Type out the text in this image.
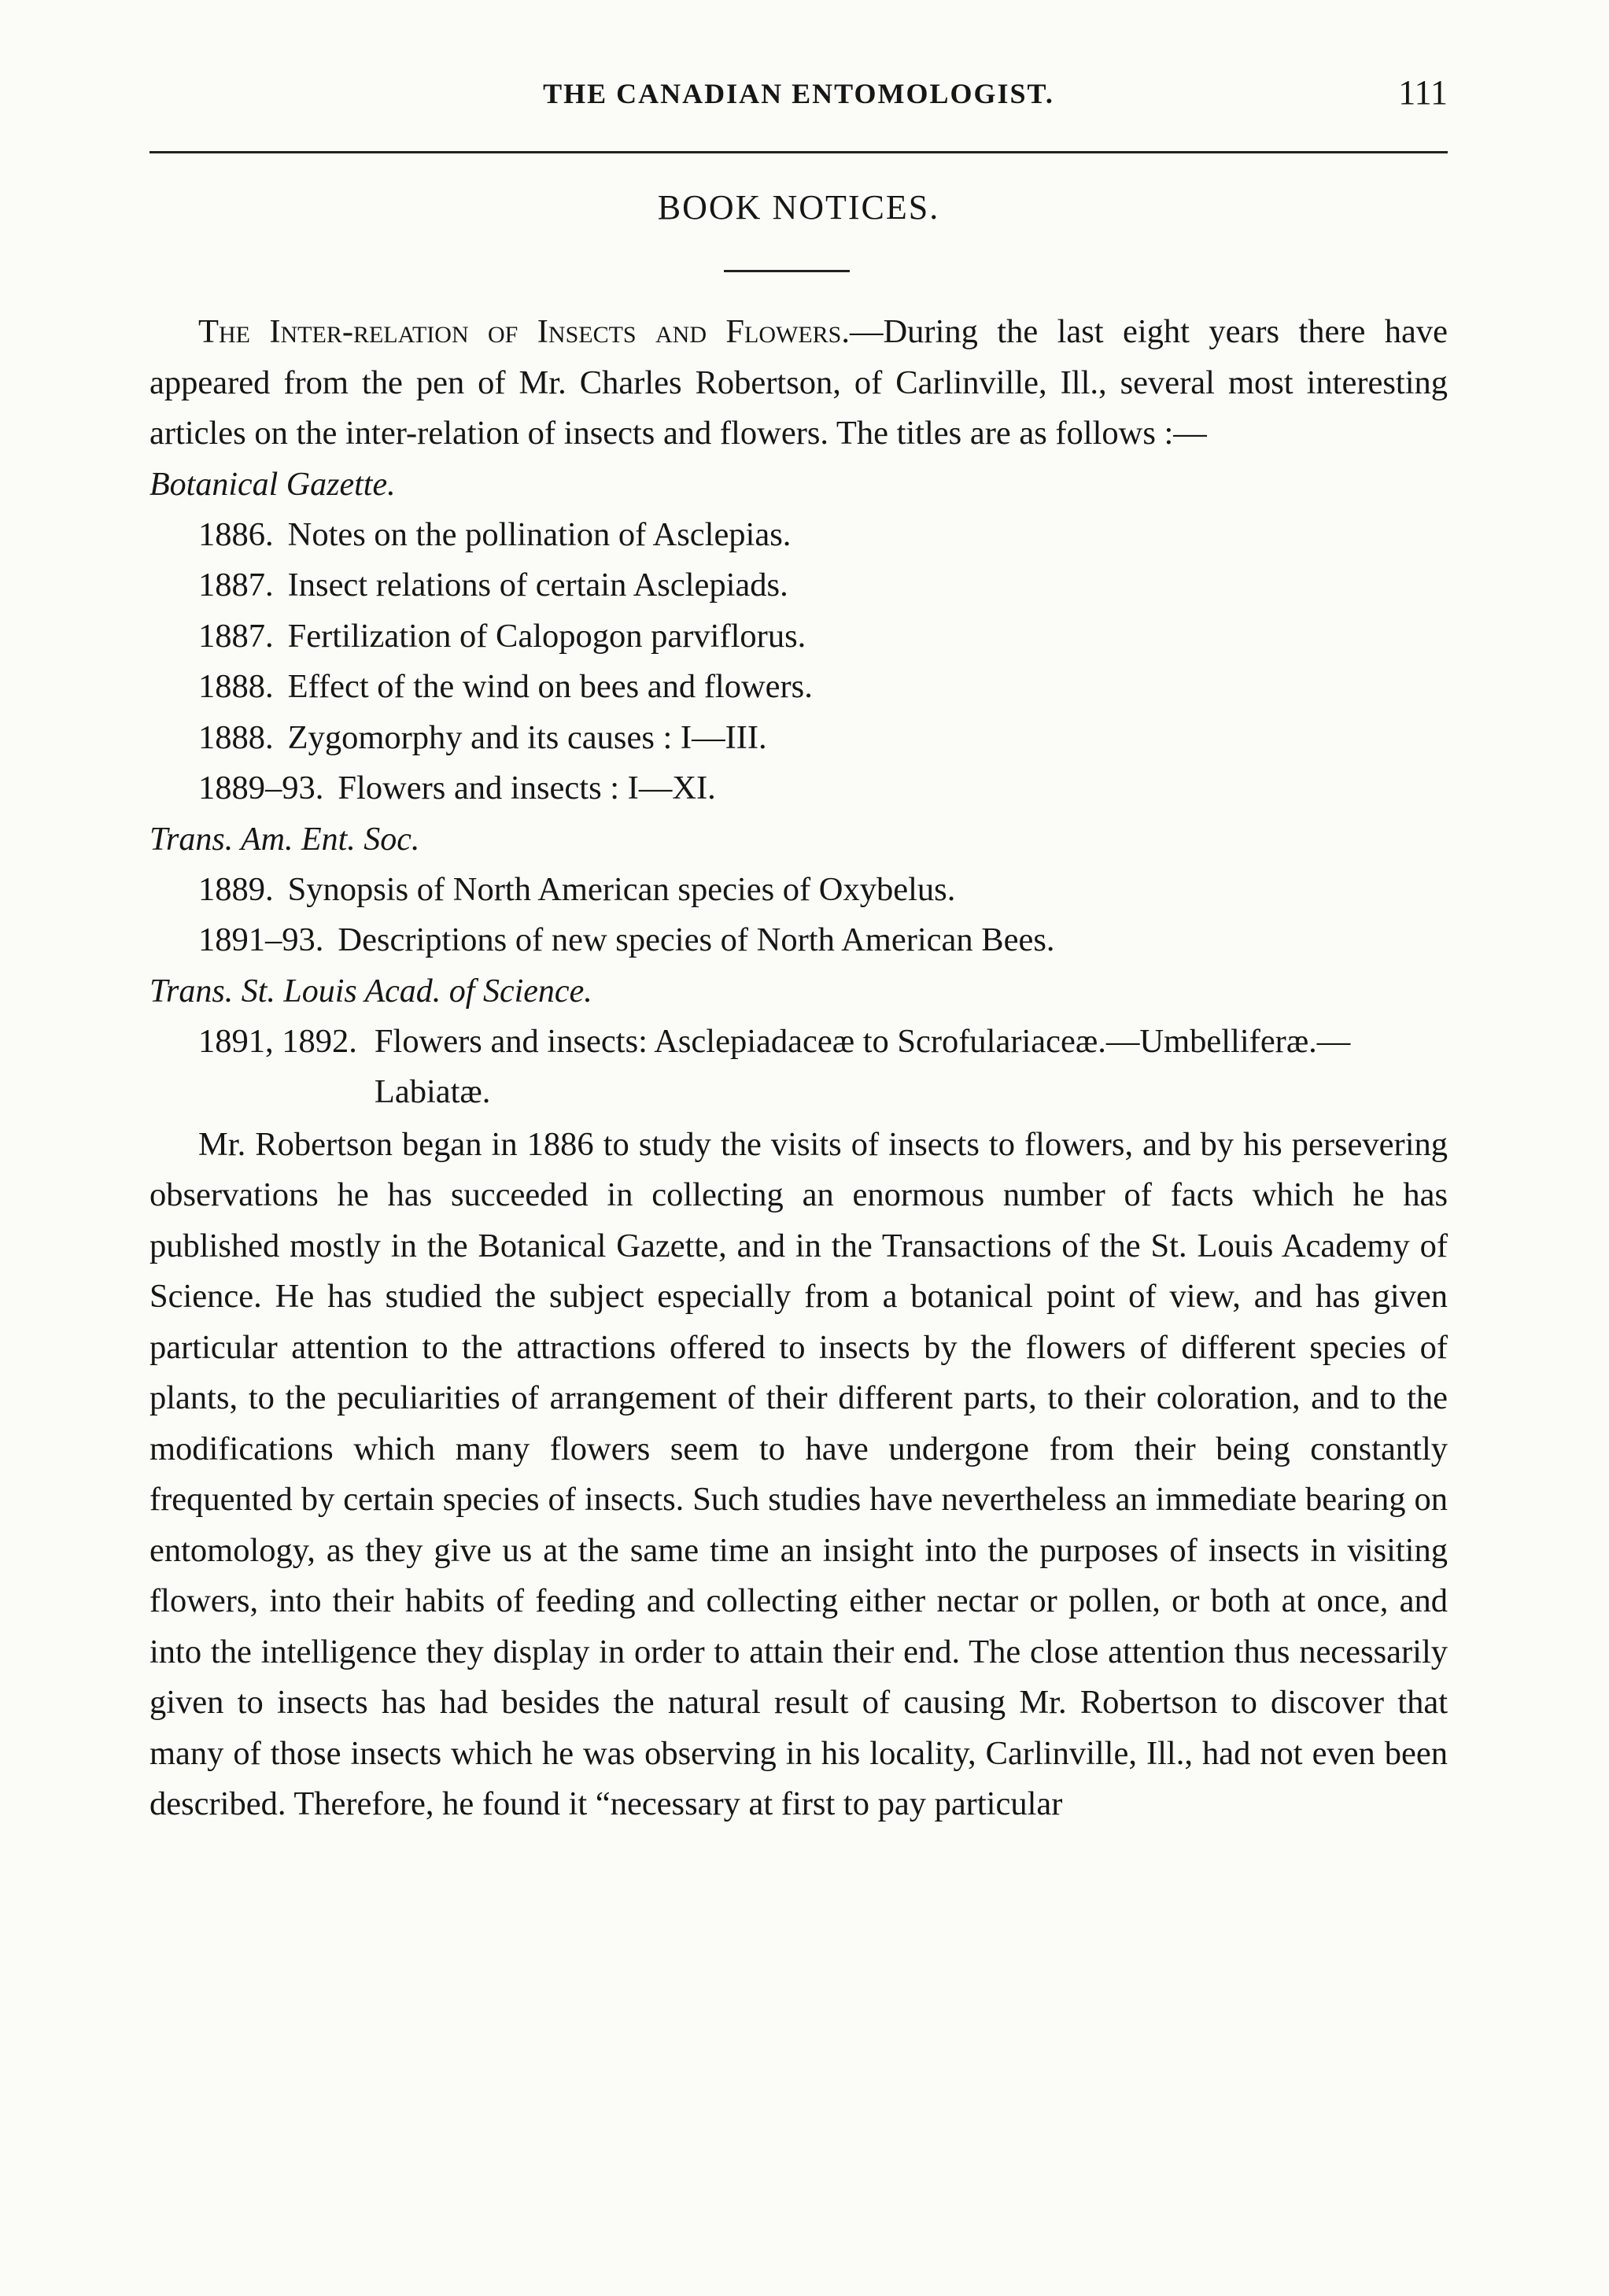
THE CANADIAN ENTOMOLOGIST.	111
BOOK NOTICES.

The Inter-relation of Insects and Flowers.—During the last eight years there have appeared from the pen of Mr. Charles Robertson, of Carlinville, Ill., several most interesting articles on the inter-relation of insects and flowers. The titles are as follows :—

Botanical Gazette.

1886. Notes on the pollination of Asclepias.

1887. Insect relations of certain Asclepiads.

1887. Fertilization of Calopogon parviflorus.

1888. Effect of the wind on bees and flowers.

1888. Zygomorphy and its causes : I—III.

1889–93. Flowers and insects : I—XI.

Trans. Am. Ent. Soc.

1889. Synopsis of North American species of Oxybelus.

1891–93. Descriptions of new species of North American Bees.

Trans. St. Louis Acad. of Science.

1891, 1892. Flowers and insects: Asclepiadaceæ to Scrofulariaceæ.—Umbelliferæ.—Labiatæ.

Mr. Robertson began in 1886 to study the visits of insects to flowers, and by his persevering observations he has succeeded in collecting an enormous number of facts which he has published mostly in the Botanical Gazette, and in the Transactions of the St. Louis Academy of Science. He has studied the subject especially from a botanical point of view, and has given particular attention to the attractions offered to insects by the flowers of different species of plants, to the peculiarities of arrangement of their different parts, to their coloration, and to the modifications which many flowers seem to have undergone from their being constantly frequented by certain species of insects. Such studies have nevertheless an immediate bearing on entomology, as they give us at the same time an insight into the purposes of insects in visiting flowers, into their habits of feeding and collecting either nectar or pollen, or both at once, and into the intelligence they display in order to attain their end. The close attention thus necessarily given to insects has had besides the natural result of causing Mr. Robertson to discover that many of those insects which he was observing in his locality, Carlinville, Ill., had not even been described. Therefore, he found it “necessary at first to pay particular
